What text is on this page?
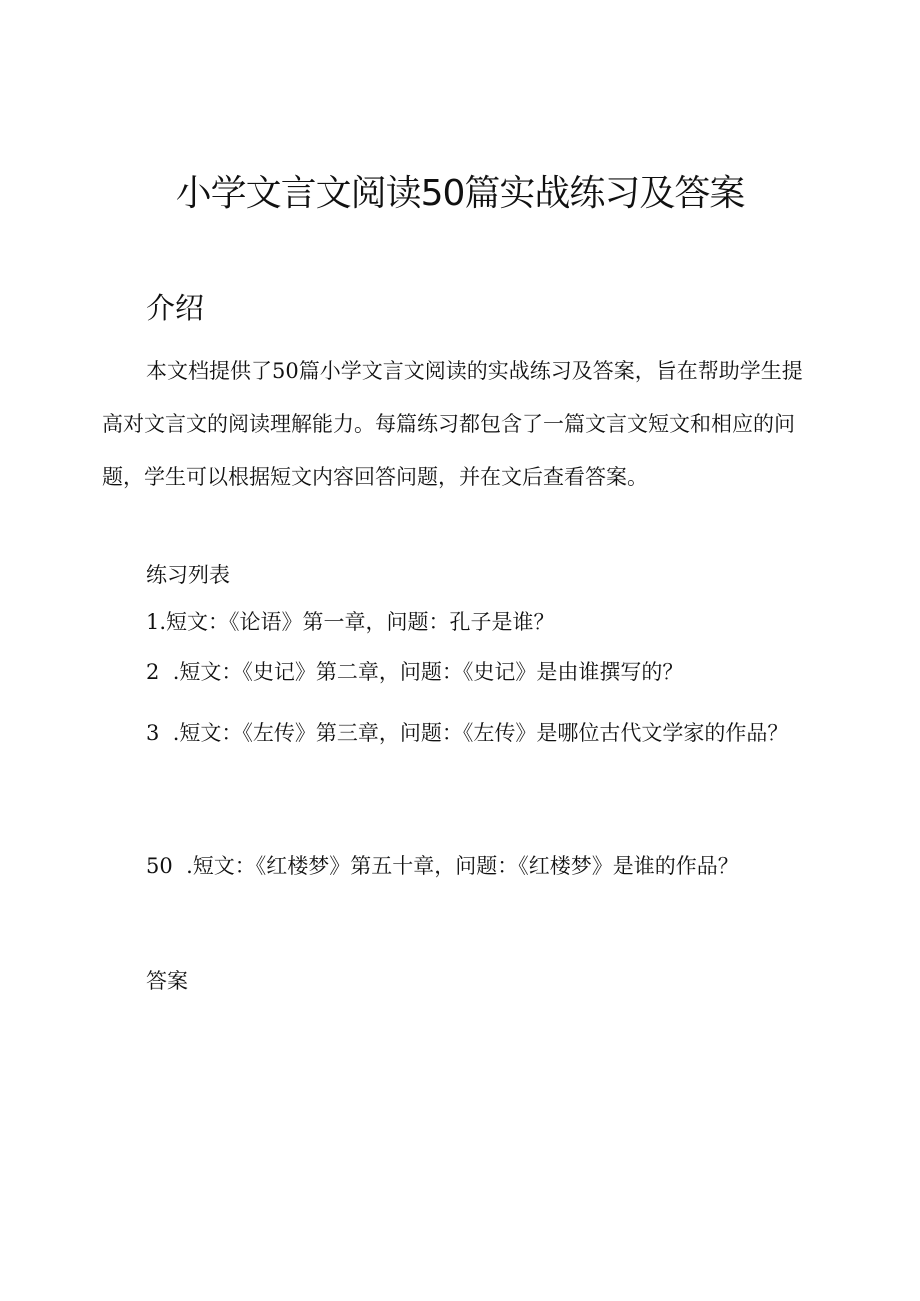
小学文言文阅读50篇实战练习及答案
介绍

本文档提供了50篇小学文言文阅读的实战练习及答案，旨在帮助学生提高对文言文的阅读理解能力。每篇练习都包含了一篇文言文短文和相应的问题，学生可以根据短文内容回答问题，并在文后查看答案。

练习列表

1.短文：《论语》第一章，问题：孔子是谁？

2  .短文：《史记》第二章，问题：《史记》是由谁撰写的？

3  .短文：《左传》第三章，问题：《左传》是哪位古代文学家的作品？

50  .短文：《红楼梦》第五十章，问题：《红楼梦》是谁的作品？

答案
